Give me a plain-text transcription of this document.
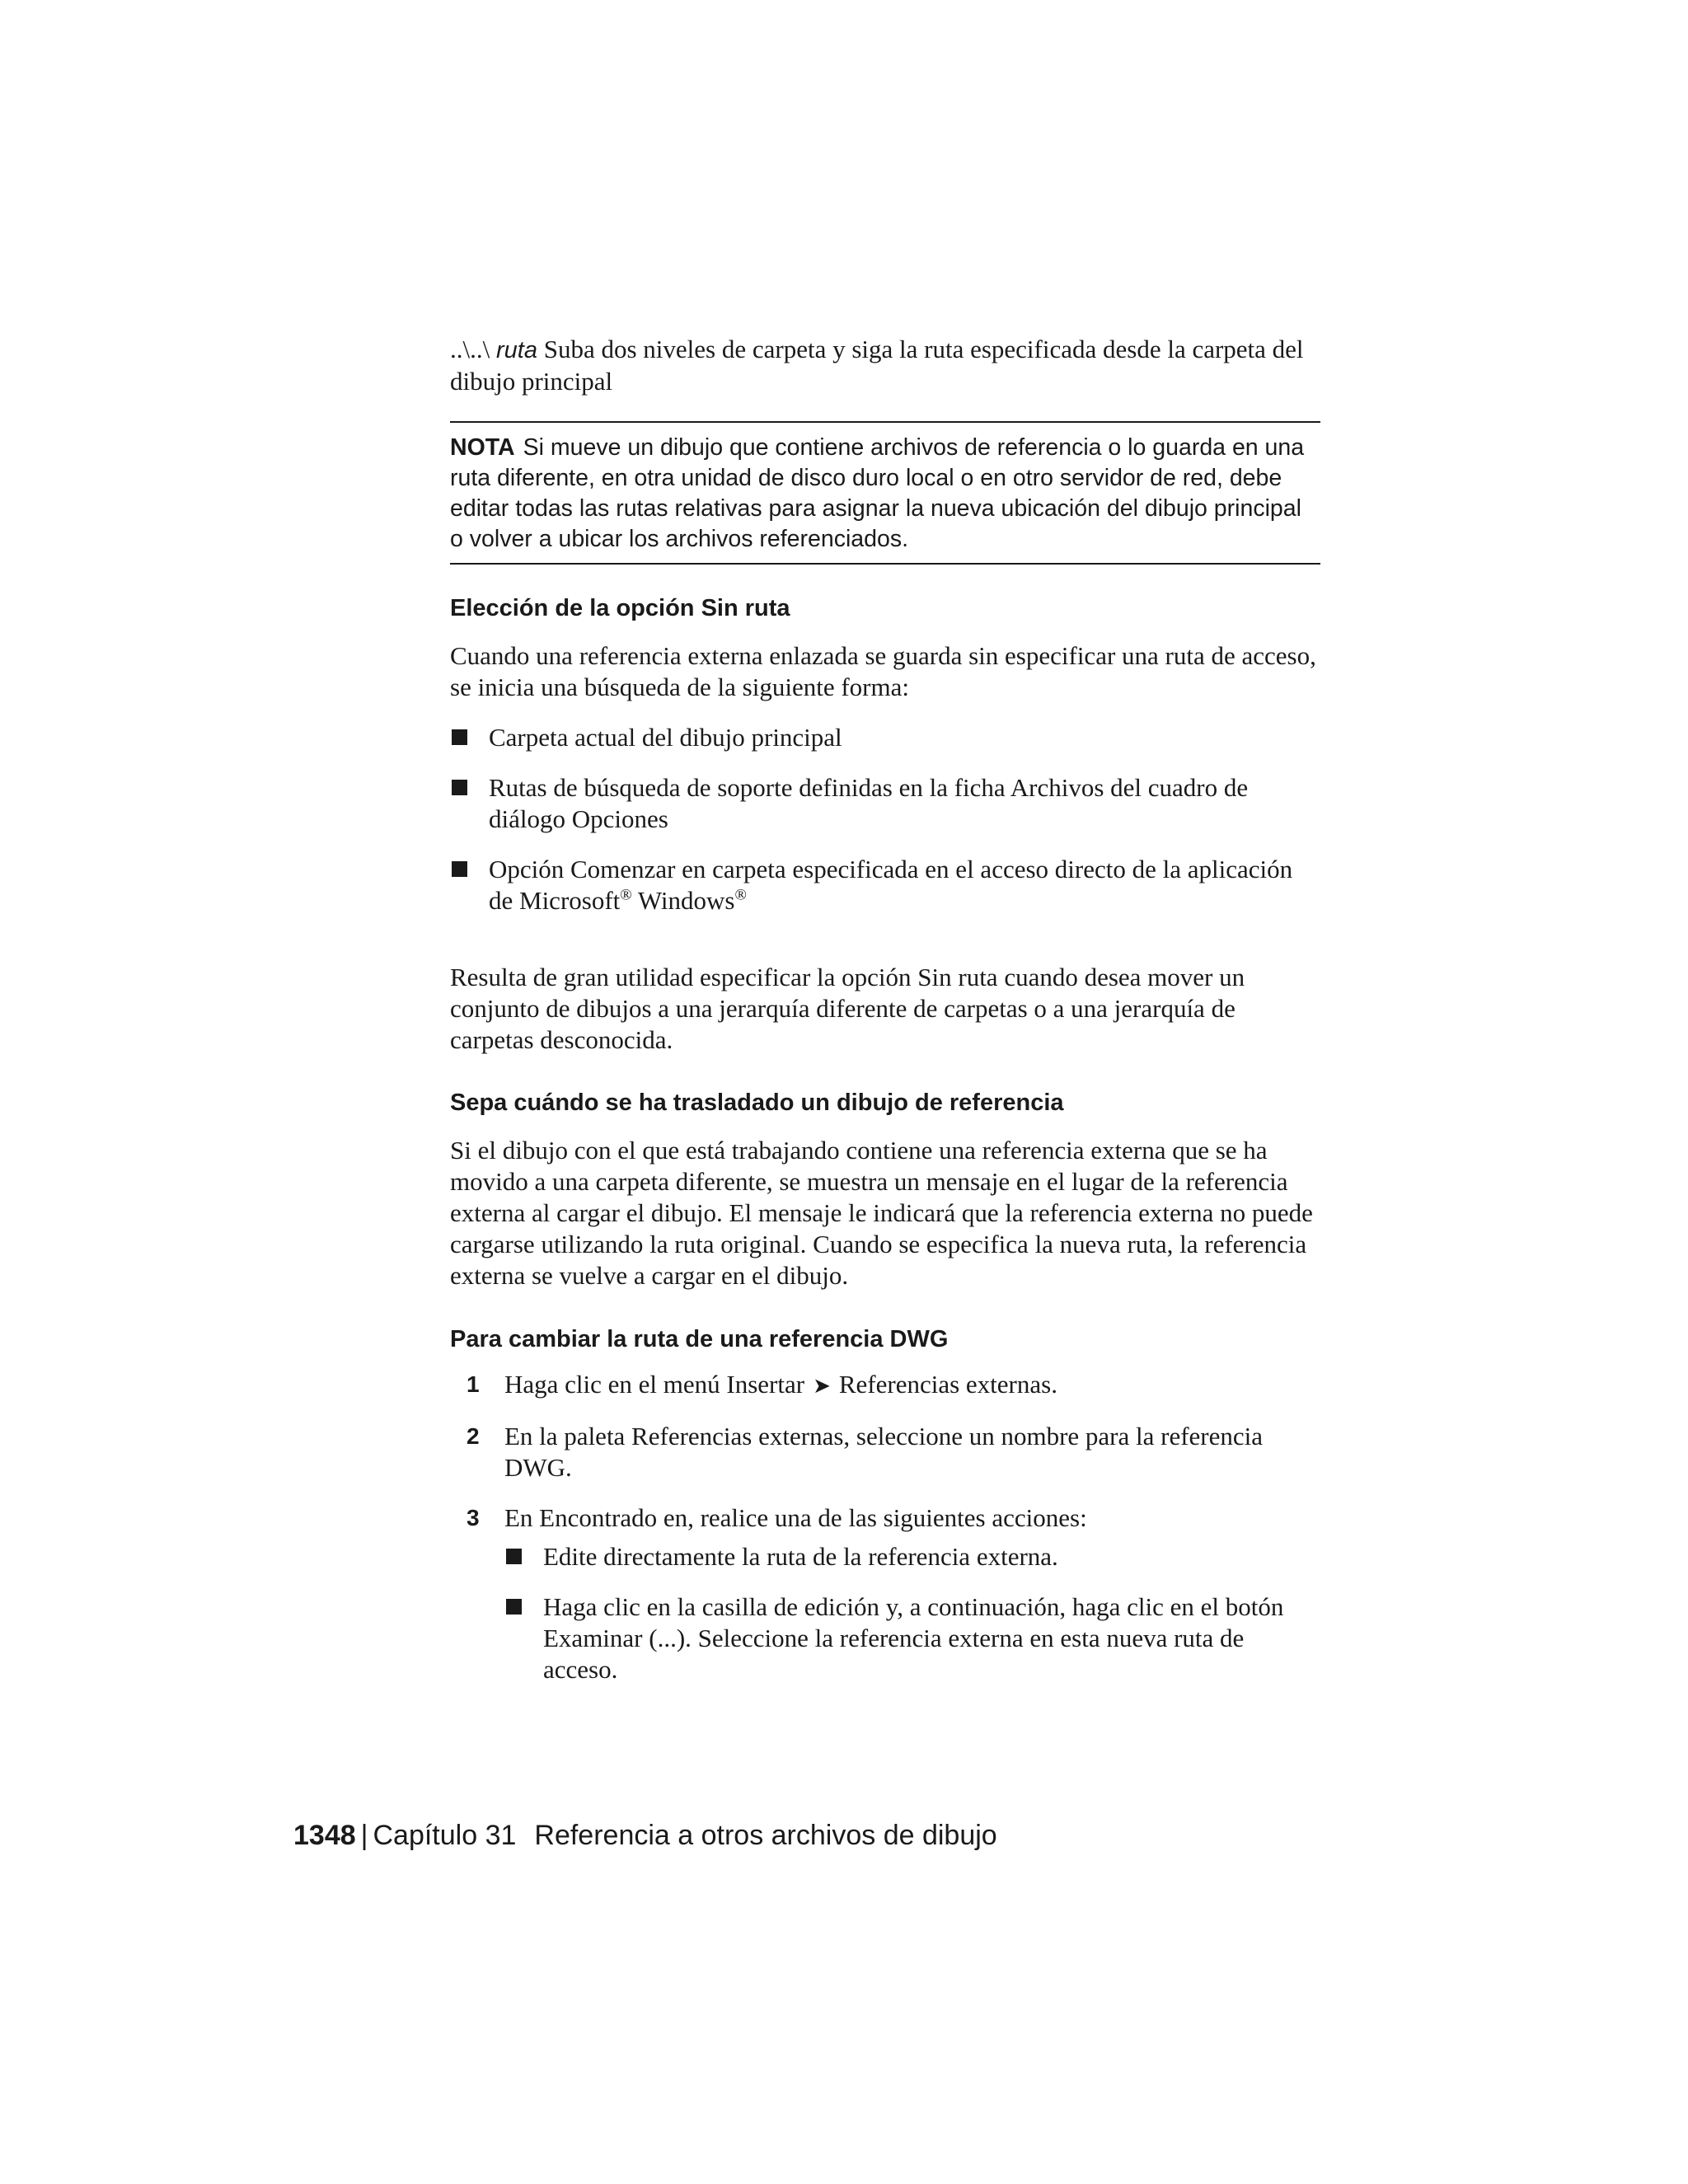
..\..\ ruta Suba dos niveles de carpeta y siga la ruta especificada desde la carpeta del dibujo principal

NOTA Si mueve un dibujo que contiene archivos de referencia o lo guarda en una ruta diferente, en otra unidad de disco duro local o en otro servidor de red, debe editar todas las rutas relativas para asignar la nueva ubicación del dibujo principal o volver a ubicar los archivos referenciados.
Elección de la opción Sin ruta

Cuando una referencia externa enlazada se guarda sin especificar una ruta de acceso, se inicia una búsqueda de la siguiente forma:

Carpeta actual del dibujo principal
Rutas de búsqueda de soporte definidas en la ficha Archivos del cuadro de diálogo Opciones
Opción Comenzar en carpeta especificada en el acceso directo de la aplicación de Microsoft® Windows®

Resulta de gran utilidad especificar la opción Sin ruta cuando desea mover un conjunto de dibujos a una jerarquía diferente de carpetas o a una jerarquía de carpetas desconocida.

Sepa cuándo se ha trasladado un dibujo de referencia

Si el dibujo con el que está trabajando contiene una referencia externa que se ha movido a una carpeta diferente, se muestra un mensaje en el lugar de la referencia externa al cargar el dibujo. El mensaje le indicará que la referencia externa no puede cargarse utilizando la ruta original. Cuando se especifica la nueva ruta, la referencia externa se vuelve a cargar en el dibujo.

Para cambiar la ruta de una referencia DWG
1 Haga clic en el menú Insertar ➤ Referencias externas.
2 En la paleta Referencias externas, seleccione un nombre para la referencia DWG.
3 En Encontrado en, realice una de las siguientes acciones:
Edite directamente la ruta de la referencia externa.
Haga clic en la casilla de edición y, a continuación, haga clic en el botón Examinar (...). Seleccione la referencia externa en esta nueva ruta de acceso.
1348 | Capítulo 31 Referencia a otros archivos de dibujo
